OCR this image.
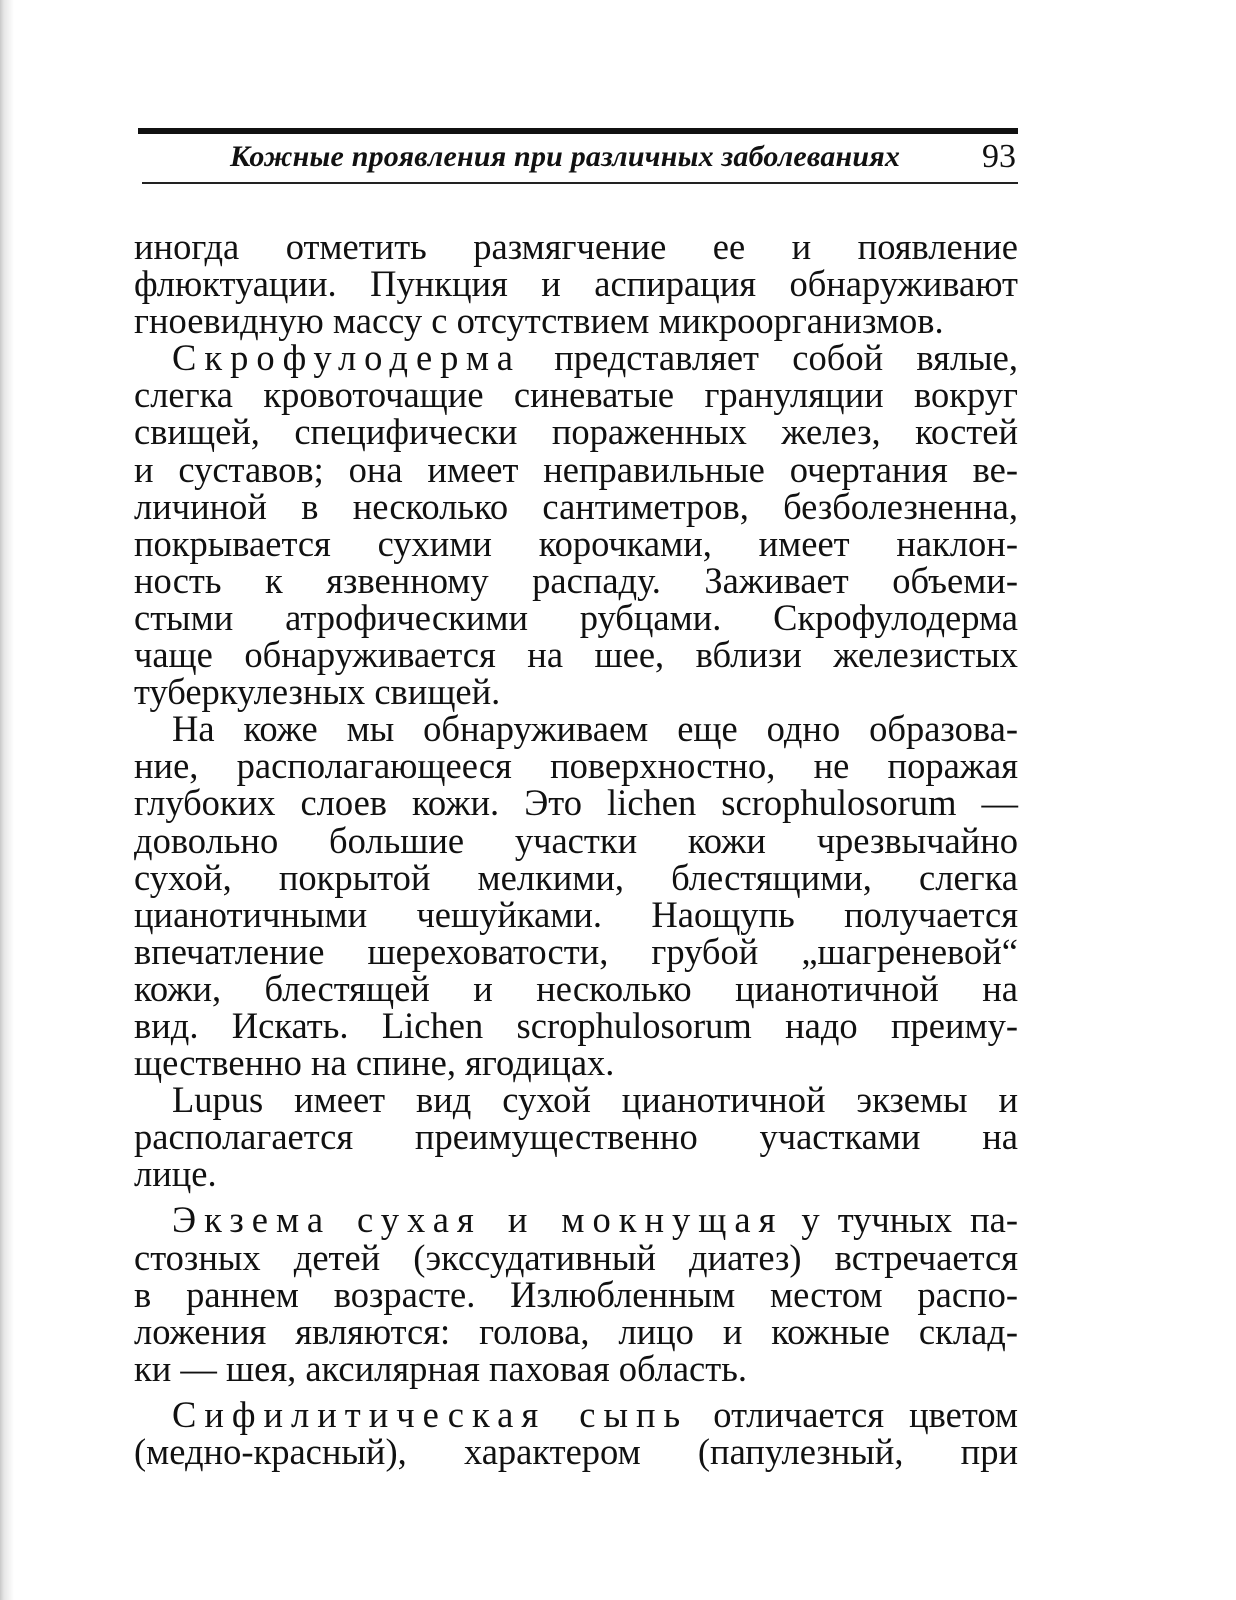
Кожные проявления при различных заболеваниях 93
иногда отметить размягчение ее и появление
флюктуации. Пункция и аспирация обнаруживают
гноевидную массу с отсутствием микроорганизмов.
Скрофулодерма представляет собой вялые,
слегка кровоточащие синеватые грануляции вокруг
свищей, специфически пораженных желез, костей
и суставов; она имеет неправильные очертания ве-
личиной в несколько сантиметров, безболезненна,
покрывается сухими корочками, имеет наклон-
ность к язвенному распаду. Заживает объеми-
стыми атрофическими рубцами. Скрофулодерма
чаще обнаруживается на шее, вблизи железистых
туберкулезных свищей.
На коже мы обнаруживаем еще одно образова-
ние, располагающееся поверхностно, не поражая
глубоких слоев кожи. Это lichen scrophulosorum —
довольно большие участки кожи чрезвычайно
сухой, покрытой мелкими, блестящими, слегка
цианотичными чешуйками. Наощупь получается
впечатление шереховатости, грубой „шагреневой“
кожи, блестящей и несколько цианотичной на
вид. Искать. Lichen scrophulosorum надо преиму-
щественно на спине, ягодицах.
Lupus имеет вид сухой цианотичной экземы и
располагается преимущественно участками на
лице.
Экзема сухая и мокнущая у тучных па-
стозных детей (экссудативный диатез) встречается
в раннем возрасте. Излюбленным местом распо-
ложения являются: голова, лицо и кожные склад-
ки — шея, аксилярная паховая область.
Сифилитическая сыпь отличается цветом
(медно-красный), характером (папулезный, при
